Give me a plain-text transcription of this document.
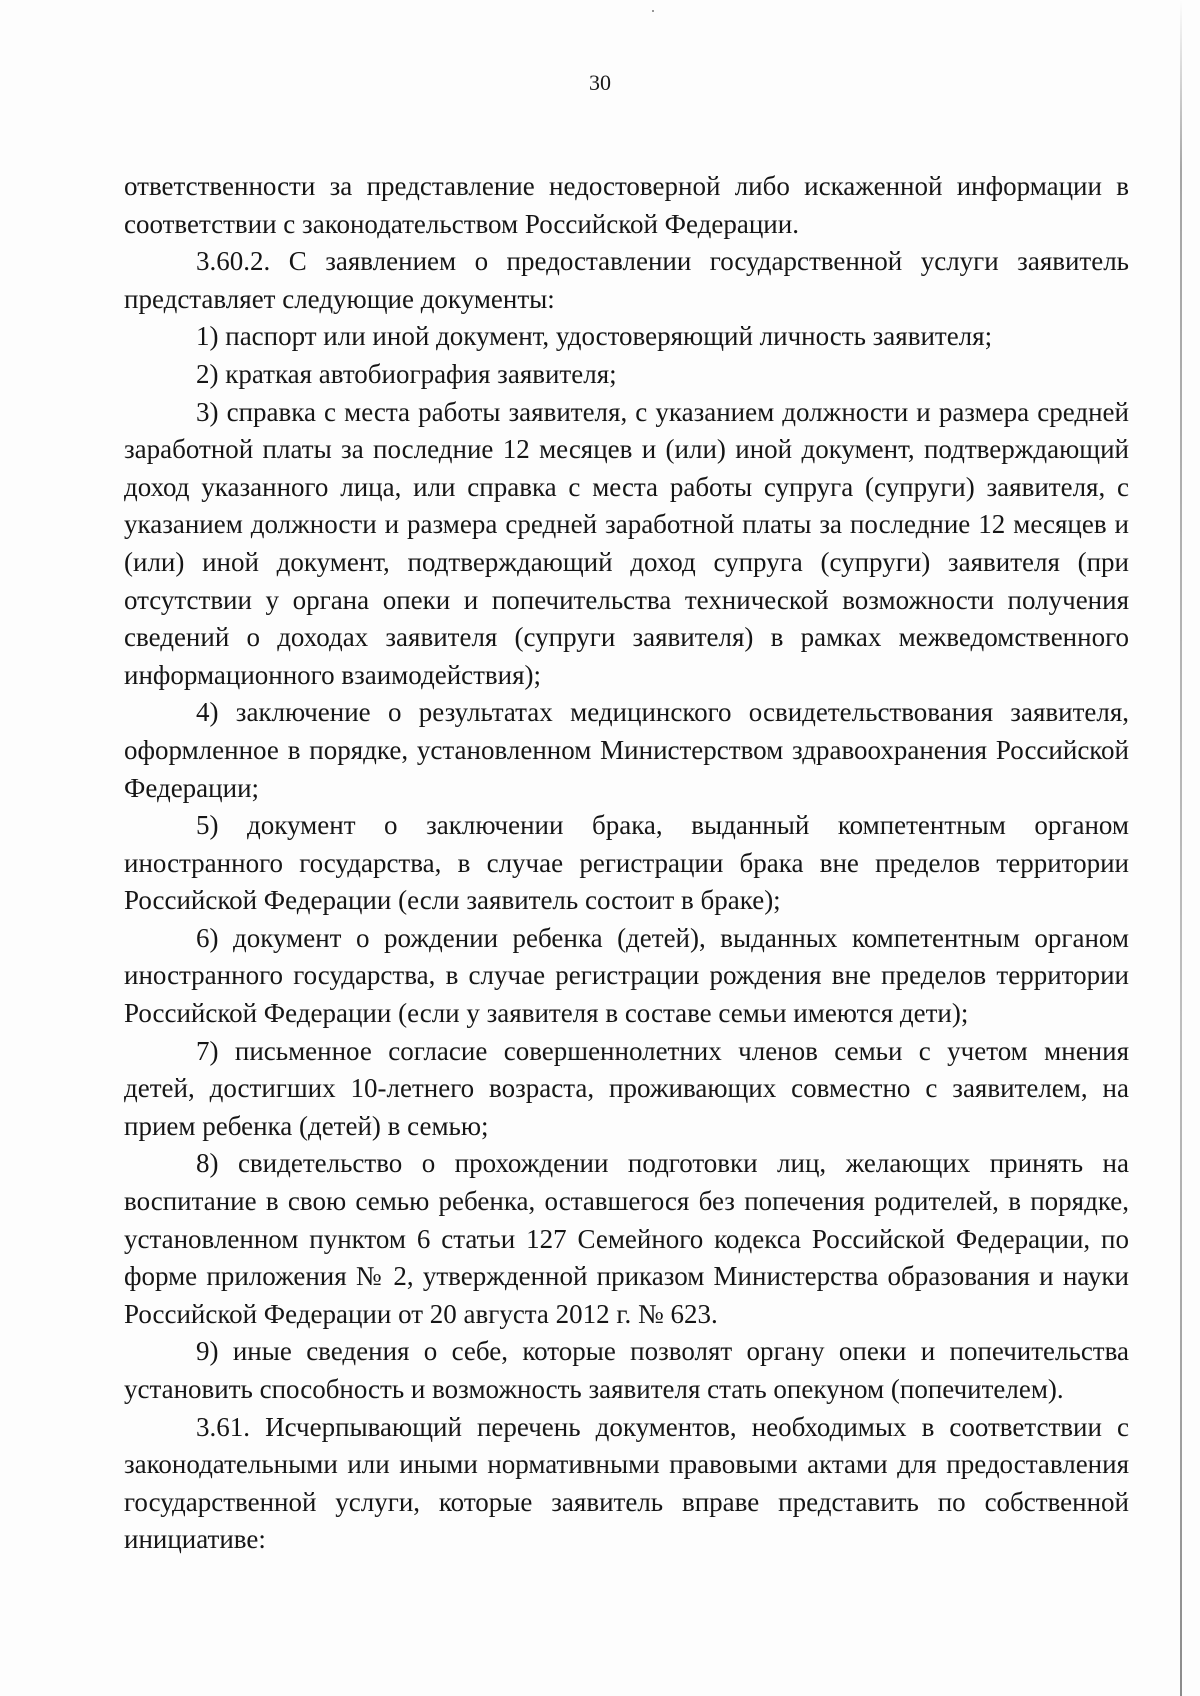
30

ответственности за представление недостоверной либо искаженной информации в соответствии с законодательством Российской Федерации.

3.60.2. С заявлением о предоставлении государственной услуги заявитель представляет следующие документы:

1) паспорт или иной документ, удостоверяющий личность заявителя;

2) краткая автобиография заявителя;

3) справка с места работы заявителя, с указанием должности и размера средней заработной платы за последние 12 месяцев и (или) иной документ, подтверждающий доход указанного лица, или справка с места работы супруга (супруги) заявителя, с указанием должности и размера средней заработной платы за последние 12 месяцев и (или) иной документ, подтверждающий доход супруга (супруги) заявителя (при отсутствии у органа опеки и попечительства технической возможности получения сведений о доходах заявителя (супруги заявителя) в рамках межведомственного информационного взаимодействия);

4) заключение о результатах медицинского освидетельствования заявителя, оформленное в порядке, установленном Министерством здравоохранения Российской Федерации;

5) документ о заключении брака, выданный компетентным органом иностранного государства, в случае регистрации брака вне пределов территории Российской Федерации (если заявитель состоит в браке);

6) документ о рождении ребенка (детей), выданных компетентным органом иностранного государства, в случае регистрации рождения вне пределов территории Российской Федерации (если у заявителя в составе семьи имеются дети);

7) письменное согласие совершеннолетних членов семьи с учетом мнения детей, достигших 10-летнего возраста, проживающих совместно с заявителем, на прием ребенка (детей) в семью;

8) свидетельство о прохождении подготовки лиц, желающих принять на воспитание в свою семью ребенка, оставшегося без попечения родителей, в порядке, установленном пунктом 6 статьи 127 Семейного кодекса Российской Федерации, по форме приложения № 2, утвержденной приказом Министерства образования и науки Российской Федерации от 20 августа 2012 г. № 623.

9) иные сведения о себе, которые позволят органу опеки и попечительства установить способность и возможность заявителя стать опекуном (попечителем).

3.61. Исчерпывающий перечень документов, необходимых в соответствии с законодательными или иными нормативными правовыми актами для предоставления государственной услуги, которые заявитель вправе представить по собственной инициативе:
